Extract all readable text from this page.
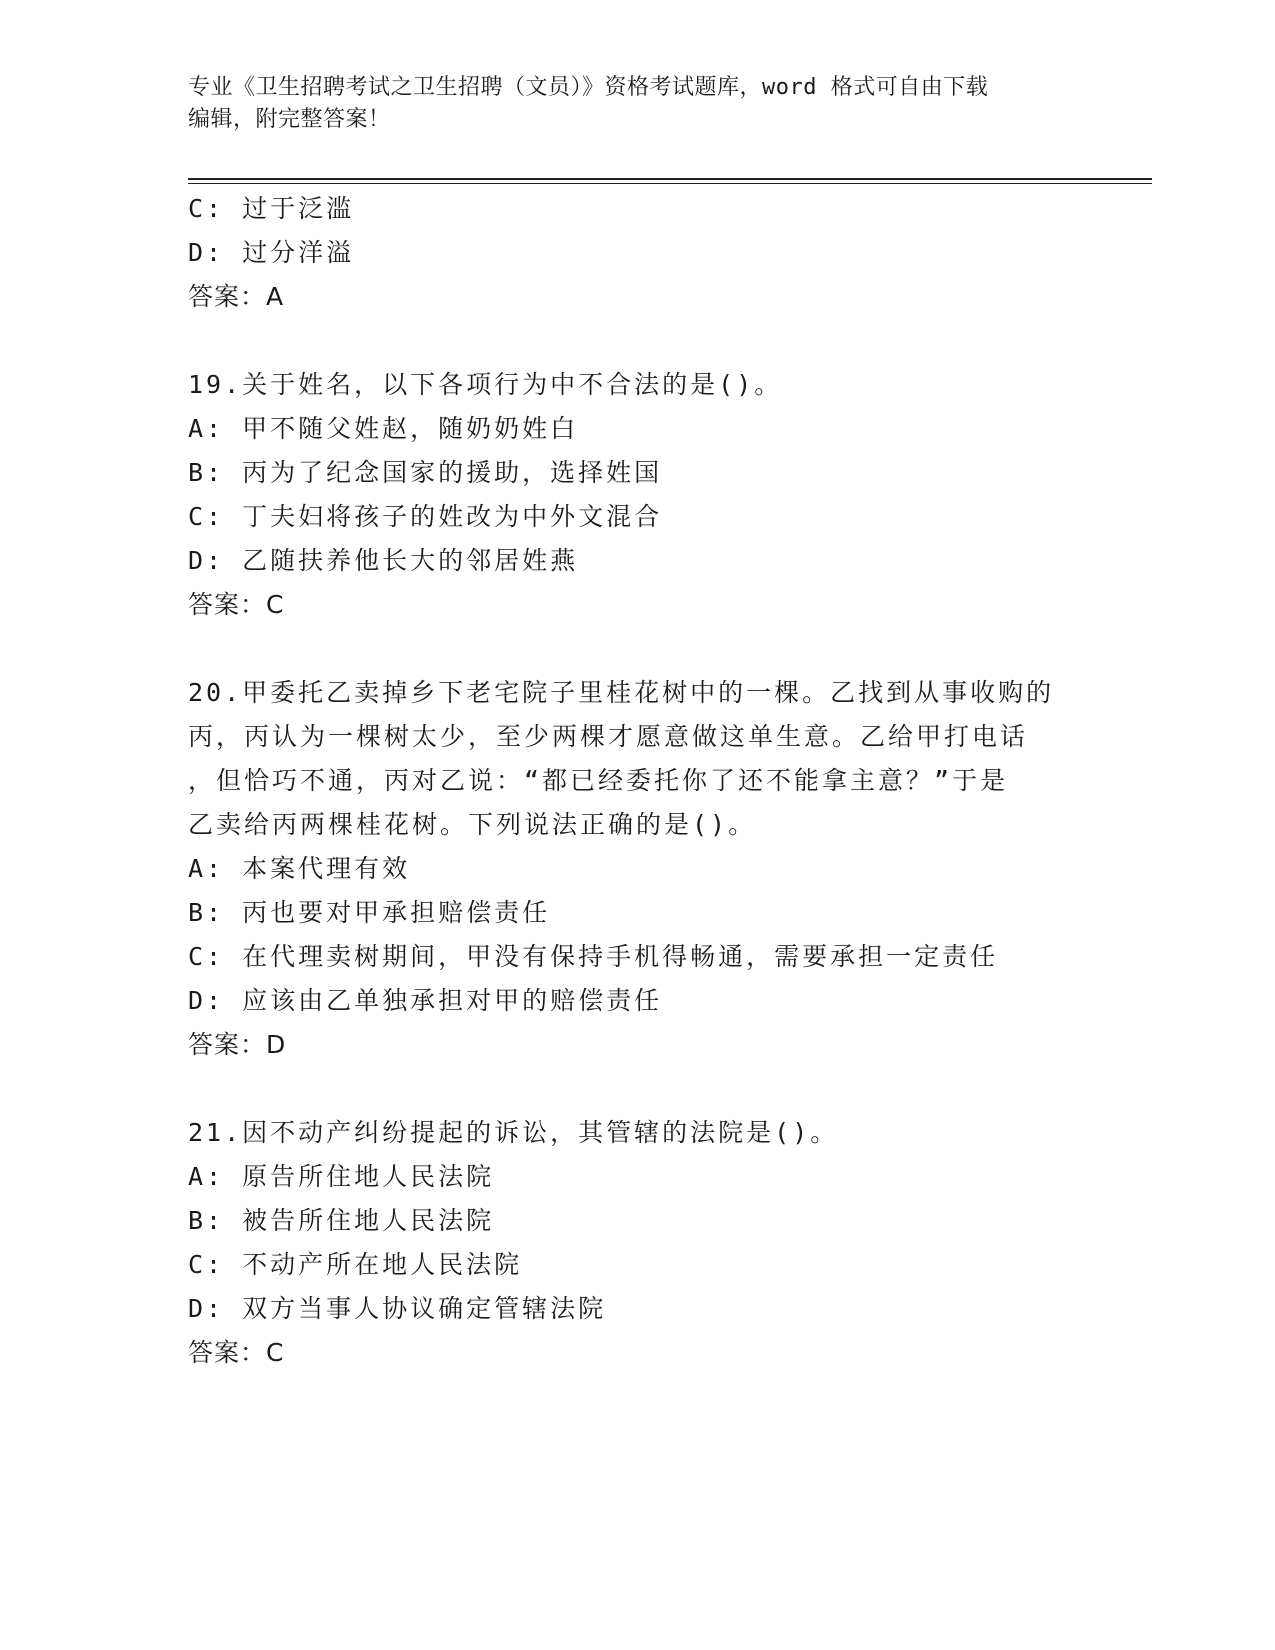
专业《卫生招聘考试之卫生招聘（文员）》资格考试题库，word 格式可自由下载
编辑，附完整答案！
C: 过于泛滥
D: 过分洋溢
答案：A
19.关于姓名，以下各项行为中不合法的是()。
A: 甲不随父姓赵，随奶奶姓白
B: 丙为了纪念国家的援助，选择姓国
C: 丁夫妇将孩子的姓改为中外文混合
D: 乙随扶养他长大的邻居姓燕
答案：C
20.甲委托乙卖掉乡下老宅院子里桂花树中的一棵。乙找到从事收购的
丙，丙认为一棵树太少，至少两棵才愿意做这单生意。乙给甲打电话
，但恰巧不通，丙对乙说：“都已经委托你了还不能拿主意？”于是
乙卖给丙两棵桂花树。下列说法正确的是()。
A: 本案代理有效
B: 丙也要对甲承担赔偿责任
C: 在代理卖树期间，甲没有保持手机得畅通，需要承担一定责任
D: 应该由乙单独承担对甲的赔偿责任
答案：D
21.因不动产纠纷提起的诉讼，其管辖的法院是()。
A: 原告所住地人民法院
B: 被告所住地人民法院
C: 不动产所在地人民法院
D: 双方当事人协议确定管辖法院
答案：C
